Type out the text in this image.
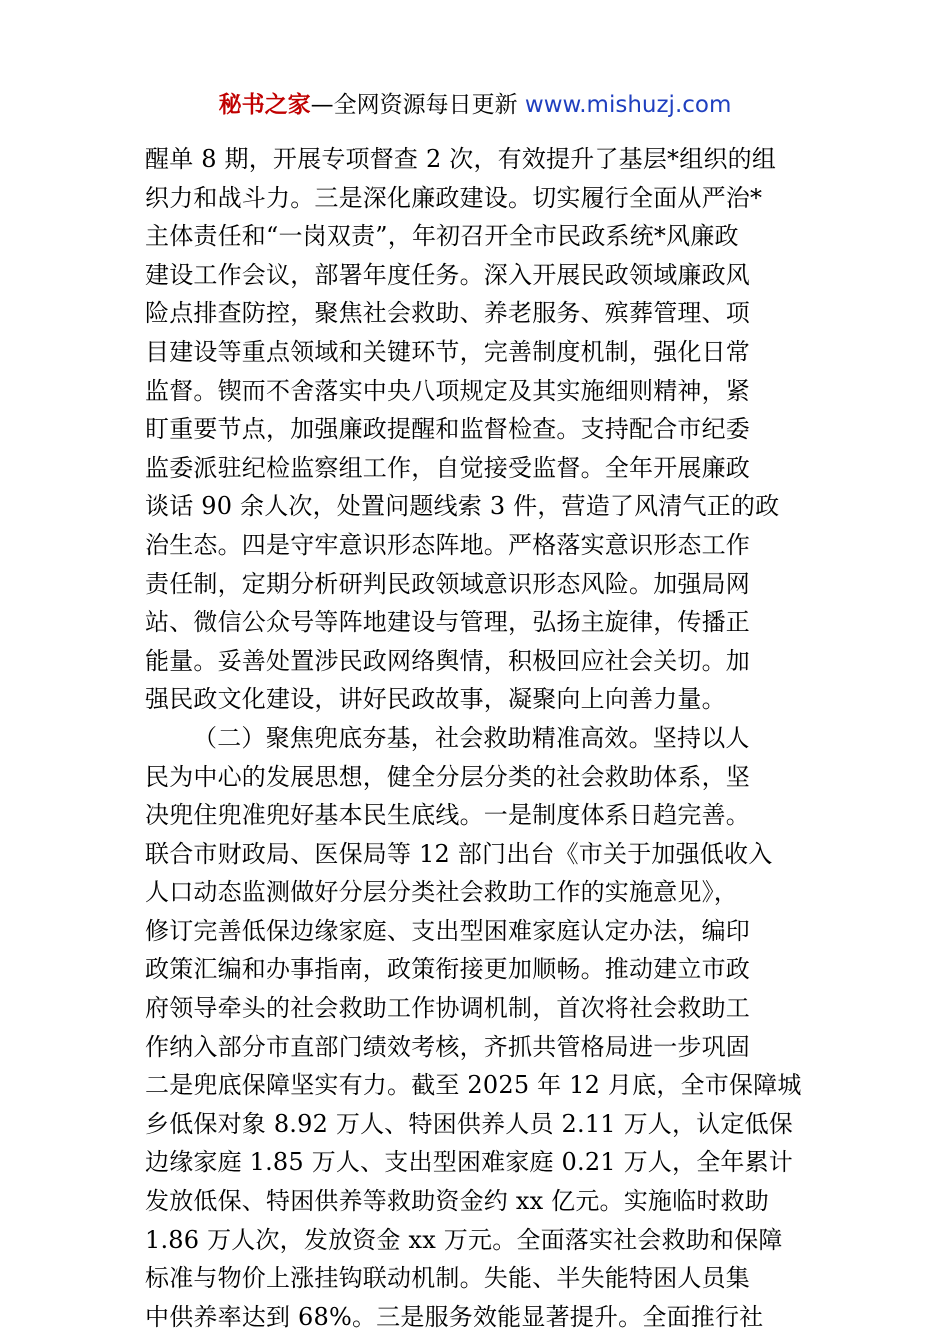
秘书之家—全网资源每日更新 www.mishuzj.com
醒单 8 期，开展专项督查 2 次，有效提升了基层*组织的组
织力和战斗力。三是深化廉政建设。切实履行全面从严治*
主体责任和“一岗双责”，年初召开全市民政系统*风廉政
建设工作会议，部署年度任务。深入开展民政领域廉政风
险点排查防控，聚焦社会救助、养老服务、殡葬管理、项
目建设等重点领域和关键环节，完善制度机制，强化日常
监督。锲而不舍落实中央八项规定及其实施细则精神，紧
盯重要节点，加强廉政提醒和监督检查。支持配合市纪委
监委派驻纪检监察组工作，自觉接受监督。全年开展廉政
谈话 90 余人次，处置问题线索 3 件，营造了风清气正的政
治生态。四是守牢意识形态阵地。严格落实意识形态工作
责任制，定期分析研判民政领域意识形态风险。加强局网
站、微信公众号等阵地建设与管理，弘扬主旋律，传播正
能量。妥善处置涉民政网络舆情，积极回应社会关切。加
强民政文化建设，讲好民政故事，凝聚向上向善力量。
（二）聚焦兜底夯基，社会救助精准高效。坚持以人
民为中心的发展思想，健全分层分类的社会救助体系，坚
决兜住兜准兜好基本民生底线。一是制度体系日趋完善。
联合市财政局、医保局等 12 部门出台《市关于加强低收入
人口动态监测做好分层分类社会救助工作的实施意见》，
修订完善低保边缘家庭、支出型困难家庭认定办法，编印
政策汇编和办事指南，政策衔接更加顺畅。推动建立市政
府领导牵头的社会救助工作协调机制，首次将社会救助工
作纳入部分市直部门绩效考核，齐抓共管格局进一步巩固
二是兜底保障坚实有力。截至 2025 年 12 月底，全市保障城
乡低保对象 8.92 万人、特困供养人员 2.11 万人，认定低保
边缘家庭 1.85 万人、支出型困难家庭 0.21 万人，全年累计
发放低保、特困供养等救助资金约 xx 亿元。实施临时救助
1.86 万人次，发放资金 xx 万元。全面落实社会救助和保障
标准与物价上涨挂钩联动机制。失能、半失能特困人员集
中供养率达到 68%。三是服务效能显著提升。全面推行社
